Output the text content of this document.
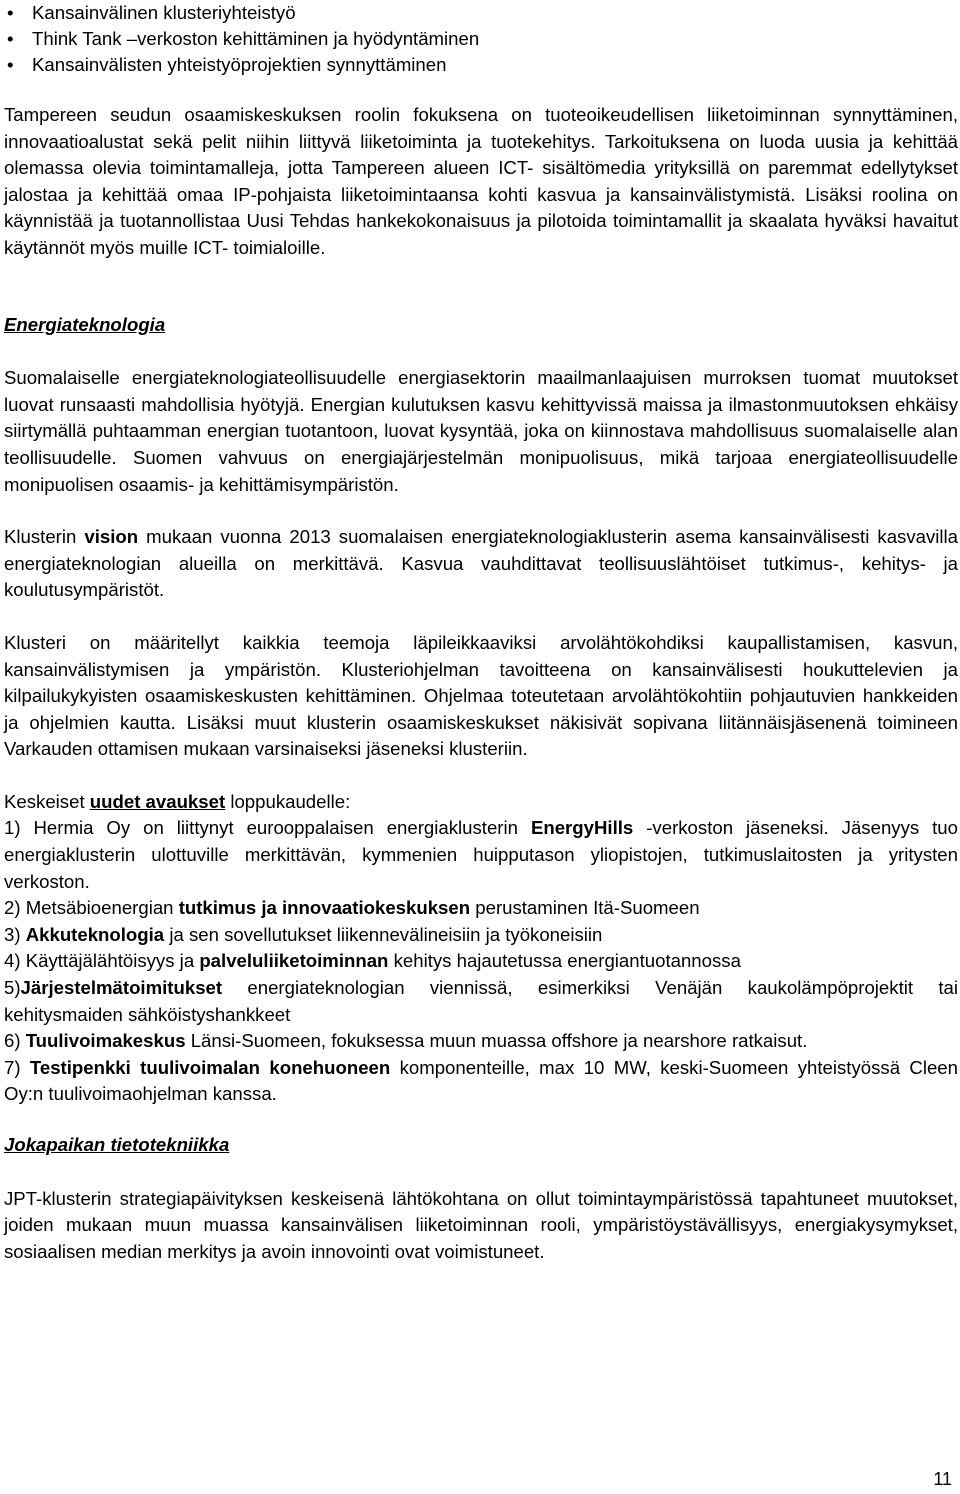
• Kansainvälinen klusteriyhteistyö
• Think Tank –verkoston kehittäminen ja hyödyntäminen
• Kansainvälisten yhteistyöprojektien synnyttäminen

Tampereen seudun osaamiskeskuksen roolin fokuksena on tuoteoikeudellisen liiketoiminnan synnyttäminen, innovaatioalustat sekä pelit niihin liittyvä liiketoiminta ja tuotekehitys. Tarkoituksena on luoda uusia ja kehittää olemassa olevia toimintamalleja, jotta Tampereen alueen ICT- sisältömedia yrityksillä on paremmat edellytykset jalostaa ja kehittää omaa IP-pohjaista liiketoimintaansa kohti kasvua ja kansainvälistymistä. Lisäksi roolina on käynnistää ja tuotannollistaa Uusi Tehdas hankekokonaisuus ja pilotoida toimintamallit ja skaalata hyväksi havaitut käytännöt myös muille ICT- toimialoille.

Energiateknologia

Suomalaiselle energiateknologiateollisuudelle energiasektorin maailmanlaajuisen murroksen tuomat muutokset luovat runsaasti mahdollisia hyötyjä. Energian kulutuksen kasvu kehittyvissä maissa ja ilmastonmuutoksen ehkäisy siirtymällä puhtaamman energian tuotantoon, luovat kysyntää, joka on kiinnostava mahdollisuus suomalaiselle alan teollisuudelle. Suomen vahvuus on energiajärjestelmän monipuolisuus, mikä tarjoaa energiateollisuudelle monipuolisen osaamis- ja kehittämisympäristön.

Klusterin vision mukaan vuonna 2013 suomalaisen energiateknologiaklusterin asema kansainvälisesti kasvavilla energiateknologian alueilla on merkittävä. Kasvua vauhdittavat teollisuuslähtöiset tutkimus-, kehitys- ja koulutusympäristöt.

Klusteri on määritellyt kaikkia teemoja läpileikkaaviksi arvolähtökohdiksi kaupallistamisen, kasvun, kansainvälistymisen ja ympäristön. Klusteriohjelman tavoitteena on kansainvälisesti houkuttelevien ja kilpailukykyisten osaamiskeskusten kehittäminen. Ohjelmaa toteutetaan arvolähtökohtiin pohjautuvien hankkeiden ja ohjelmien kautta. Lisäksi muut klusterin osaamiskeskukset näkisivät sopivana liitännäisjäsenenä toimineen Varkauden ottamisen mukaan varsinaiseksi jäseneksi klusteriin.

Keskeiset uudet avaukset loppukaudelle:

1) Hermia Oy on liittynyt eurooppalaisen energiaklusterin EnergyHills -verkoston jäseneksi. Jäsenyys tuo energiaklusterin ulottuville merkittävän, kymmenien huipputason yliopistojen, tutkimuslaitosten ja yritysten verkoston.

2) Metsäbioenergian tutkimus ja innovaatiokeskuksen perustaminen Itä-Suomeen

3) Akkuteknologia ja sen sovellutukset liikennevälineisiin ja työkoneisiin

4) Käyttäjälähtöisyys ja palveluliiketoiminnan kehitys hajautetussa energiantuotannossa

5)Järjestelmätoimitukset energiateknologian viennissä, esimerkiksi Venäjän kaukolämpöprojektit tai kehitysmaiden sähköistyshankkeet

6) Tuulivoimakeskus Länsi-Suomeen, fokuksessa muun muassa offshore ja nearshore ratkaisut.

7) Testipenkki tuulivoimalan konehuoneen komponenteille, max 10 MW, keski-Suomeen yhteistyössä Cleen Oy:n tuulivoimaohjelman kanssa.

Jokapaikan tietotekniikka

JPT-klusterin strategiapäivityksen keskeisenä lähtökohtana on ollut toimintaympäristössä tapahtuneet muutokset, joiden mukaan muun muassa kansainvälisen liiketoiminnan rooli, ympäristöystävällisyys, energiakysymykset, sosiaalisen median merkitys ja avoin innovointi ovat voimistuneet.

11
